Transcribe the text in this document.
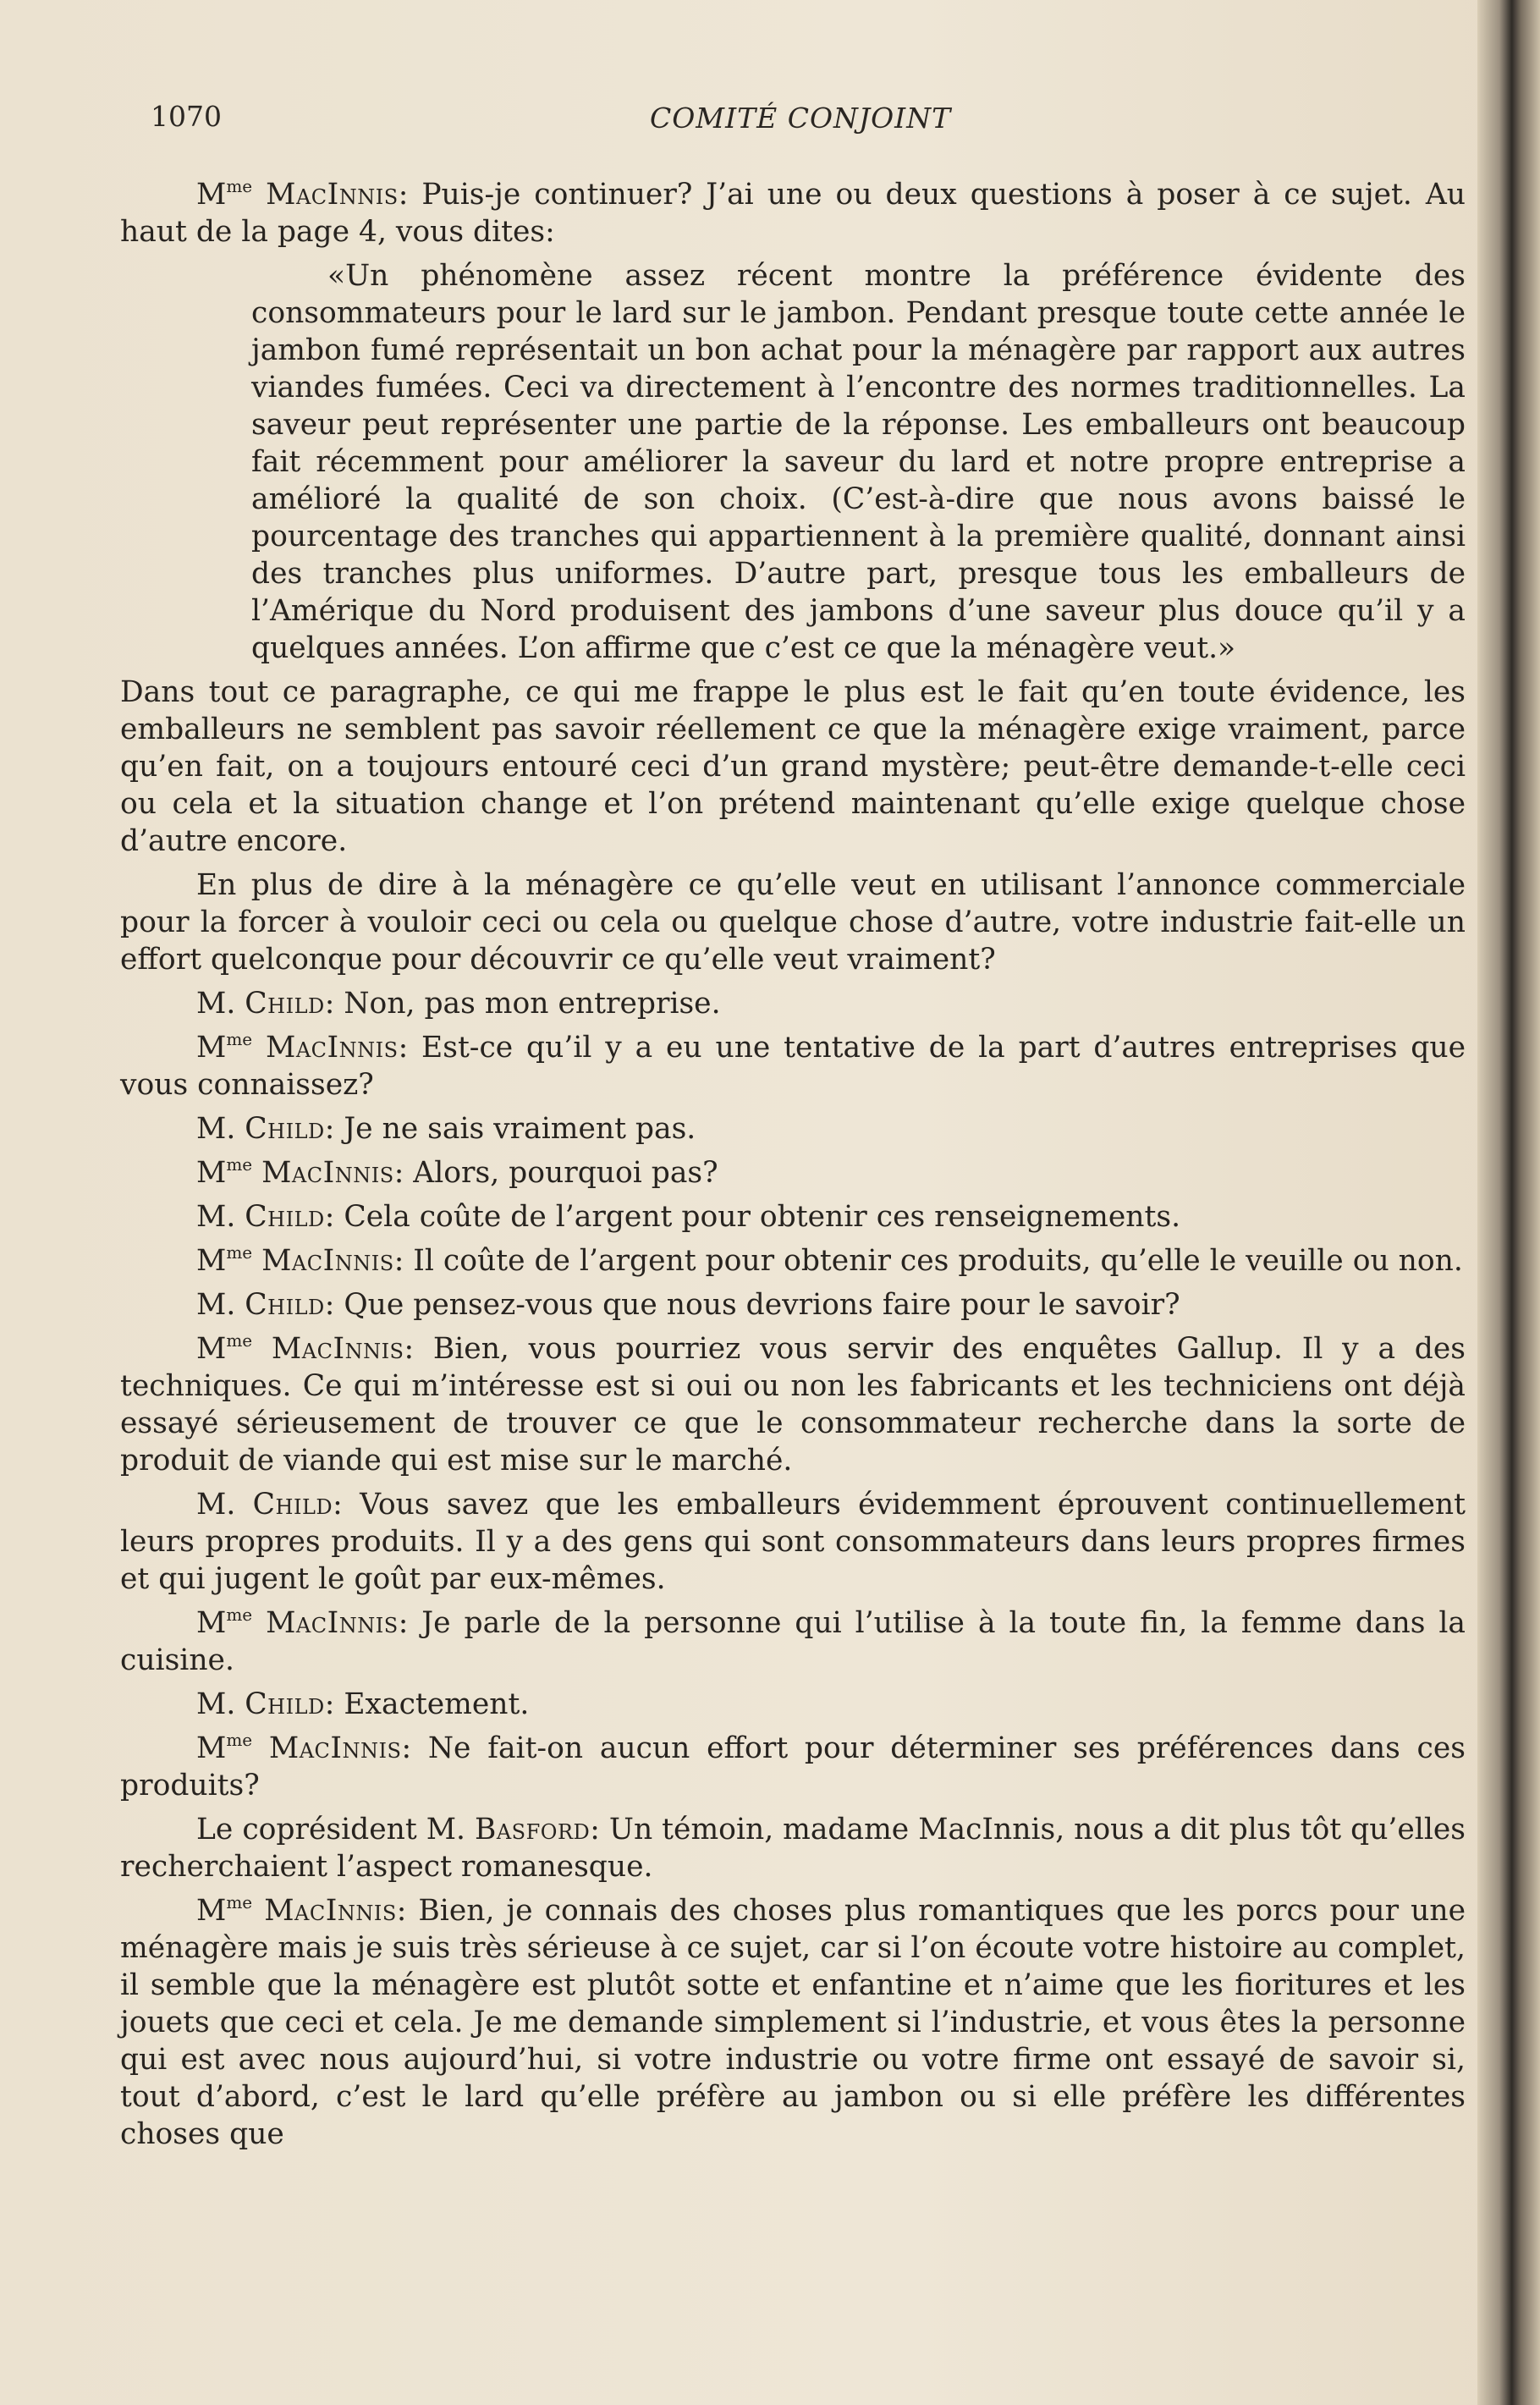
1070	COMITÉ CONJOINT

$M^{me}$ MacInnis: Puis-je continuer? J’ai une ou deux questions à poser à ce sujet. Au haut de la page 4, vous dites:

«Un phénomène assez récent montre la préférence évidente des consommateurs pour le lard sur le jambon. Pendant presque toute cette année le jambon fumé représentait un bon achat pour la ménagère par rapport aux autres viandes fumées. Ceci va directement à l’encontre des normes traditionnelles. La saveur peut représenter une partie de la réponse. Les emballeurs ont beaucoup fait récemment pour améliorer la saveur du lard et notre propre entreprise a amélioré la qualité de son choix. (C’est-à-dire que nous avons baissé le pourcentage des tranches qui appartiennent à la première qualité, donnant ainsi des tranches plus uniformes. D’autre part, presque tous les emballeurs de l’Amérique du Nord produisent des jambons d’une saveur plus douce qu’il y a quelques années. L’on affirme que c’est ce que la ménagère veut.»

Dans tout ce paragraphe, ce qui me frappe le plus est le fait qu’en toute évidence, les emballeurs ne semblent pas savoir réellement ce que la ménagère exige vraiment, parce qu’en fait, on a toujours entouré ceci d’un grand mystère; peut-être demande-t-elle ceci ou cela et la situation change et l’on prétend maintenant qu’elle exige quelque chose d’autre encore.

En plus de dire à la ménagère ce qu’elle veut en utilisant l’annonce commerciale pour la forcer à vouloir ceci ou cela ou quelque chose d’autre, votre industrie fait-elle un effort quelconque pour découvrir ce qu’elle veut vraiment?

M. Child: Non, pas mon entreprise.

$M^{me}$ MacInnis: Est-ce qu’il y a eu une tentative de la part d’autres entreprises que vous connaissez?

M. Child: Je ne sais vraiment pas.

$M^{me}$ MacInnis: Alors, pourquoi pas?

M. Child: Cela coûte de l’argent pour obtenir ces renseignements.

$M^{me}$ MacInnis: Il coûte de l’argent pour obtenir ces produits, qu’elle le veuille ou non.

M. Child: Que pensez-vous que nous devrions faire pour le savoir?

$M^{me}$ MacInnis: Bien, vous pourriez vous servir des enquêtes Gallup. Il y a des techniques. Ce qui m’intéresse est si oui ou non les fabricants et les techniciens ont déjà essayé sérieusement de trouver ce que le consommateur recherche dans la sorte de produit de viande qui est mise sur le marché.

M. Child: Vous savez que les emballeurs évidemment éprouvent continuellement leurs propres produits. Il y a des gens qui sont consommateurs dans leurs propres firmes et qui jugent le goût par eux-mêmes.

$M^{me}$ MacInnis: Je parle de la personne qui l’utilise à la toute fin, la femme dans la cuisine.

M. Child: Exactement.

$M^{me}$ MacInnis: Ne fait-on aucun effort pour déterminer ses préférences dans ces produits?

Le coprésident M. Basford: Un témoin, madame MacInnis, nous a dit plus tôt qu’elles recherchaient l’aspect romanesque.

$M^{me}$ MacInnis: Bien, je connais des choses plus romantiques que les porcs pour une ménagère mais je suis très sérieuse à ce sujet, car si l’on écoute votre histoire au complet, il semble que la ménagère est plutôt sotte et enfantine et n’aime que les fioritures et les jouets que ceci et cela. Je me demande simplement si l’industrie, et vous êtes la personne qui est avec nous aujourd’hui, si votre industrie ou votre firme ont essayé de savoir si, tout d’abord, c’est le lard qu’elle préfère au jambon ou si elle préfère les différentes choses que
